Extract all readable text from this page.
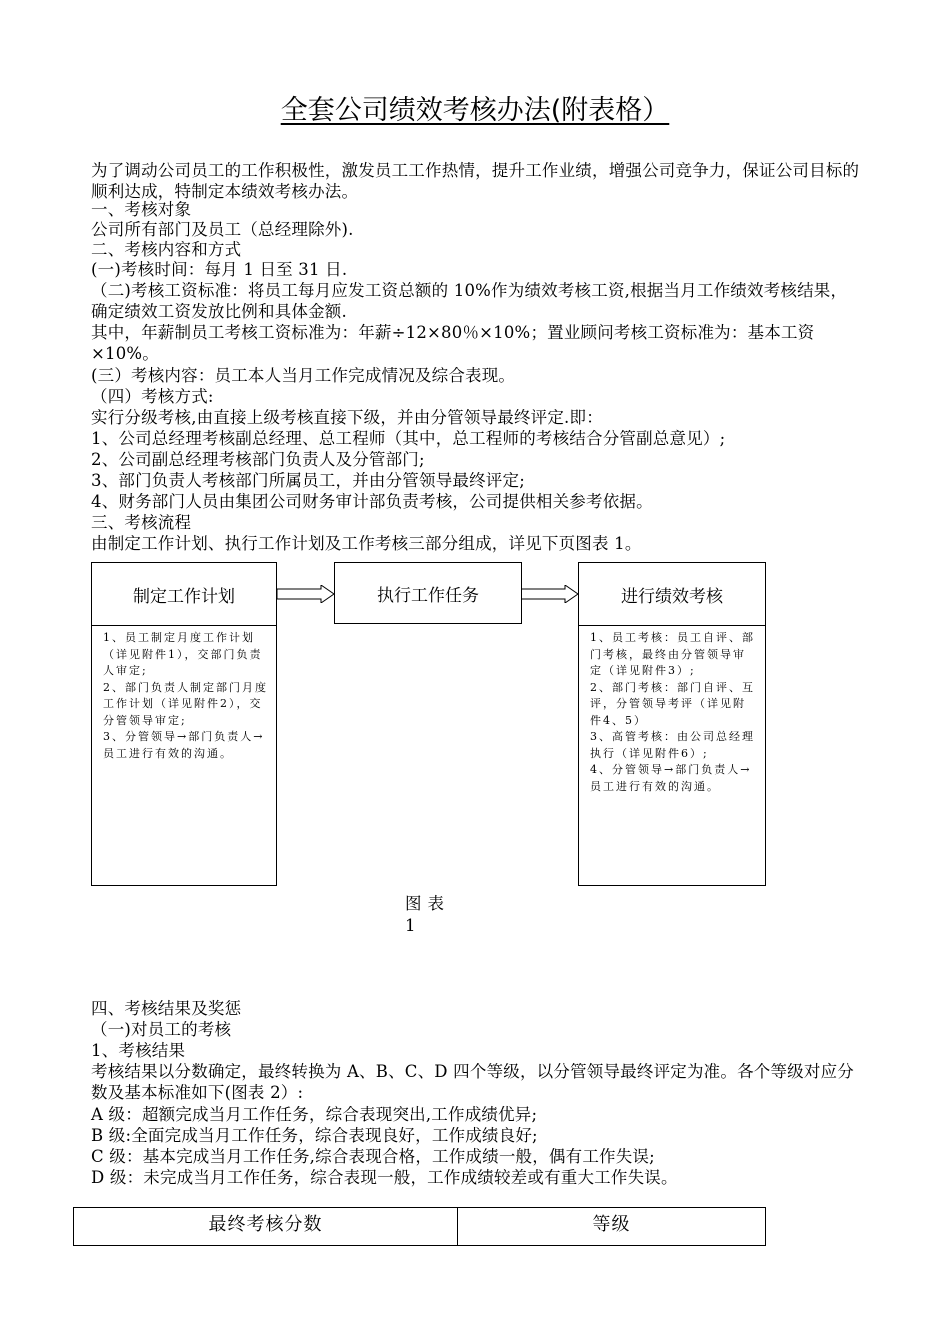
全套公司绩效考核办法(附表格）
为了调动公司员工的工作积极性，激发员工工作热情，提升工作业绩，增强公司竞争力，保证公司目标的顺利达成，特制定本绩效考核办法。
一、考核对象
公司所有部门及员工（总经理除外).
二、考核内容和方式
(一)考核时间：每月 1 日至 31 日.
（二)考核工资标准：将员工每月应发工资总额的 10%作为绩效考核工资,根据当月工作绩效考核结果，确定绩效工资发放比例和具体金额.
其中，年薪制员工考核工资标准为：年薪÷12×80％×10%；置业顾问考核工资标准为：基本工资×10%。
(三）考核内容：员工本人当月工作完成情况及综合表现。
（四）考核方式:
实行分级考核,由直接上级考核直接下级，并由分管领导最终评定.即：
1、公司总经理考核副总经理、总工程师（其中，总工程师的考核结合分管副总意见）;
2、公司副总经理考核部门负责人及分管部门;
3、部门负责人考核部门所属员工，并由分管领导最终评定;
4、财务部门人员由集团公司财务审计部负责考核，公司提供相关参考依据。
三、考核流程
由制定工作计划、执行工作计划及工作考核三部分组成，详见下页图表 1。
制定工作计划
1、员工制定月度工作计划（详见附件1），交部门负责人审定;
2、部门负责人制定部门月度工作计划（详见附件2），交分管领导审定;
3、分管领导→部门负责人→员工进行有效的沟通。
执行工作任务	进行绩效考核
1、员工考核：员工自评、部门考核，最终由分管领导审定（详见附件3）;
2、部门考核：部门自评、互评，分管领导考评（详见附件4、5）
3、高管考核：由公司总经理执行（详见附件6）;
4、分管领导→部门负责人→员工进行有效的沟通。
图表 1
四、考核结果及奖惩
（一)对员工的考核
1、考核结果
考核结果以分数确定，最终转换为 A、B、C、D 四个等级，以分管领导最终评定为准。各个等级对应分数及基本标准如下(图表 2）:
A 级：超额完成当月工作任务，综合表现突出,工作成绩优异;
B 级:全面完成当月工作任务，综合表现良好，工作成绩良好;
C 级：基本完成当月工作任务,综合表现合格，工作成绩一般，偶有工作失误;
D 级：未完成当月工作任务，综合表现一般，工作成绩较差或有重大工作失误。
最终考核分数	等级
